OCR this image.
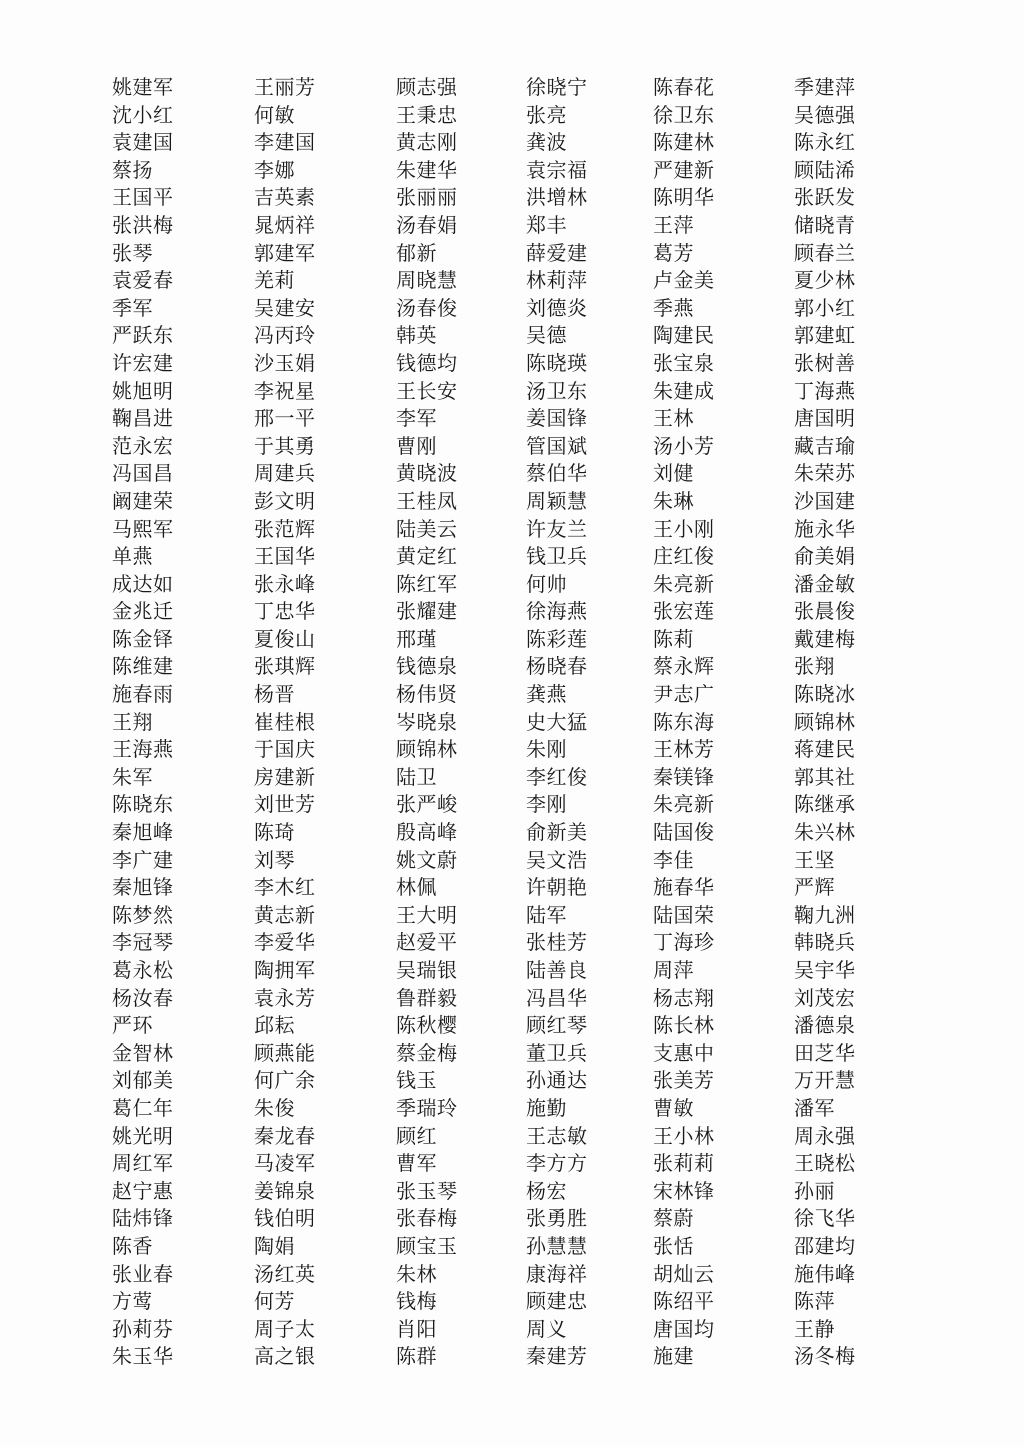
姚建军	王丽芳	顾志强	徐晓宁	陈春花	季建萍
沈小红	何敏	王秉忠	张亮	徐卫东	吴德强
袁建国	李建国	黄志刚	龚波	陈建林	陈永红
蔡扬	李娜	朱建华	袁宗福	严建新	顾陆浠
王国平	吉英素	张丽丽	洪增林	陈明华	张跃发
张洪梅	晁炳祥	汤春娟	郑丰	王萍	储晓青
张琴	郭建军	郁新	薛爱建	葛芳	顾春兰
袁爱春	羌莉	周晓慧	林莉萍	卢金美	夏少林
季军	吴建安	汤春俊	刘德炎	季燕	郭小红
严跃东	冯丙玲	韩英	吴德	陶建民	郭建虹
许宏建	沙玉娟	钱德均	陈晓瑛	张宝泉	张树善
姚旭明	李祝星	王长安	汤卫东	朱建成	丁海燕
鞠昌进	邢一平	李军	姜国锋	王林	唐国明
范永宏	于其勇	曹刚	管国斌	汤小芳	藏吉瑜
冯国昌	周建兵	黄晓波	蔡伯华	刘健	朱荣苏
阚建荣	彭文明	王桂凤	周颖慧	朱琳	沙国建
马熙军	张范辉	陆美云	许友兰	王小刚	施永华
单燕	王国华	黄定红	钱卫兵	庄红俊	俞美娟
成达如	张永峰	陈红军	何帅	朱亮新	潘金敏
金兆迁	丁忠华	张耀建	徐海燕	张宏莲	张晨俊
陈金铎	夏俊山	邢瑾	陈彩莲	陈莉	戴建梅
陈维建	张琪辉	钱德泉	杨晓春	蔡永辉	张翔
施春雨	杨晋	杨伟贤	龚燕	尹志广	陈晓冰
王翔	崔桂根	岑晓泉	史大猛	陈东海	顾锦林
王海燕	于国庆	顾锦林	朱刚	王林芳	蒋建民
朱军	房建新	陆卫	李红俊	秦镁锋	郭其社
陈晓东	刘世芳	张严峻	李刚	朱亮新	陈继承
秦旭峰	陈琦	殷高峰	俞新美	陆国俊	朱兴林
李广建	刘琴	姚文蔚	吴文浩	李佳	王坚
秦旭锋	李木红	林佩	许朝艳	施春华	严辉
陈梦然	黄志新	王大明	陆军	陆国荣	鞠九洲
李冠琴	李爱华	赵爱平	张桂芳	丁海珍	韩晓兵
葛永松	陶拥军	吴瑞银	陆善良	周萍	吴宇华
杨汝春	袁永芳	鲁群毅	冯昌华	杨志翔	刘茂宏
严环	邱耘	陈秋樱	顾红琴	陈长林	潘德泉
金智林	顾燕能	蔡金梅	董卫兵	支惠中	田芝华
刘郁美	何广余	钱玉	孙通达	张美芳	万开慧
葛仁年	朱俊	季瑞玲	施勤	曹敏	潘军
姚光明	秦龙春	顾红	王志敏	王小林	周永强
周红军	马凌军	曹军	李方方	张莉莉	王晓松
赵宁惠	姜锦泉	张玉琴	杨宏	宋林锋	孙丽
陆炜锋	钱伯明	张春梅	张勇胜	蔡蔚	徐飞华
陈香	陶娟	顾宝玉	孙慧慧	张恬	邵建均
张业春	汤红英	朱林	康海祥	胡灿云	施伟峰
方莺	何芳	钱梅	顾建忠	陈绍平	陈萍
孙莉芬	周子太	肖阳	周义	唐国均	王静
朱玉华	高之银	陈群	秦建芳	施建	汤冬梅
